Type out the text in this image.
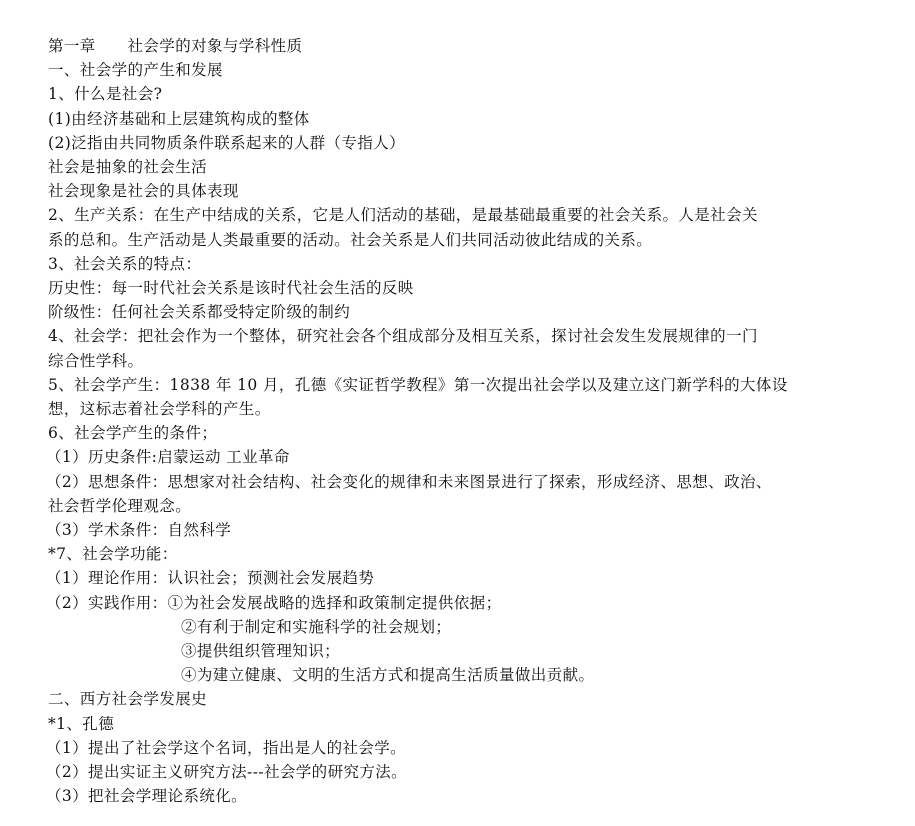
第一章　　社会学的对象与学科性质
一、社会学的产生和发展
1、什么是社会?
(1)由经济基础和上层建筑构成的整体
(2)泛指由共同物质条件联系起来的人群（专指人）
社会是抽象的社会生活
社会现象是社会的具体表现
2、生产关系：在生产中结成的关系，它是人们活动的基础，是最基础最重要的社会关系。人是社会关
系的总和。生产活动是人类最重要的活动。社会关系是人们共同活动彼此结成的关系。
3、社会关系的特点：
历史性：每一时代社会关系是该时代社会生活的反映
阶级性：任何社会关系都受特定阶级的制约
4、社会学：把社会作为一个整体，研究社会各个组成部分及相互关系，探讨社会发生发展规律的一门
综合性学科。
5、社会学产生：1838 年 10 月，孔德《实证哲学教程》第一次提出社会学以及建立这门新学科的大体设
想，这标志着社会学科的产生。
6、社会学产生的条件；
（1）历史条件:启蒙运动 工业革命
（2）思想条件：思想家对社会结构、社会变化的规律和未来图景进行了探索，形成经济、思想、政治、
社会哲学伦理观念。
（3）学术条件：自然科学
*7、社会学功能：
（1）理论作用：认识社会；预测社会发展趋势
（2）实践作用：①为社会发展战略的选择和政策制定提供依据；
②有利于制定和实施科学的社会规划；
③提供组织管理知识；
④为建立健康、文明的生活方式和提高生活质量做出贡献。
二、西方社会学发展史
*1、孔德
（1）提出了社会学这个名词，指出是人的社会学。
（2）提出实证主义研究方法---社会学的研究方法。
（3）把社会学理论系统化。
